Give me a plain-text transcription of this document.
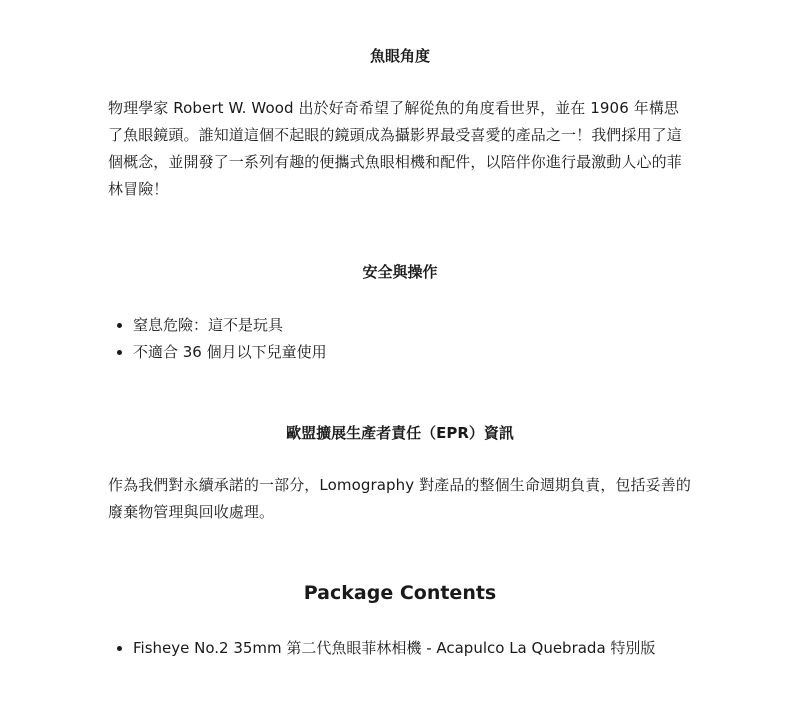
魚眼角度

物理學家 Robert W. Wood 出於好奇希望了解從魚的角度看世界，並在 1906 年構思了魚眼鏡頭。誰知道這個不起眼的鏡頭成為攝影界最受喜愛的產品之一！我們採用了這個概念，並開發了一系列有趣的便攜式魚眼相機和配件，以陪伴你進行最激動人心的菲林冒險！

安全與操作
窒息危險：這不是玩具
不適合 36 個月以下兒童使用
歐盟擴展生產者責任（EPR）資訊

作為我們對永續承諾的一部分，Lomography 對產品的整個生命週期負責，包括妥善的廢棄物管理與回收處理。

Package Contents
Fisheye No.2 35mm 第二代魚眼菲林相機 - Acapulco La Quebrada 特別版
